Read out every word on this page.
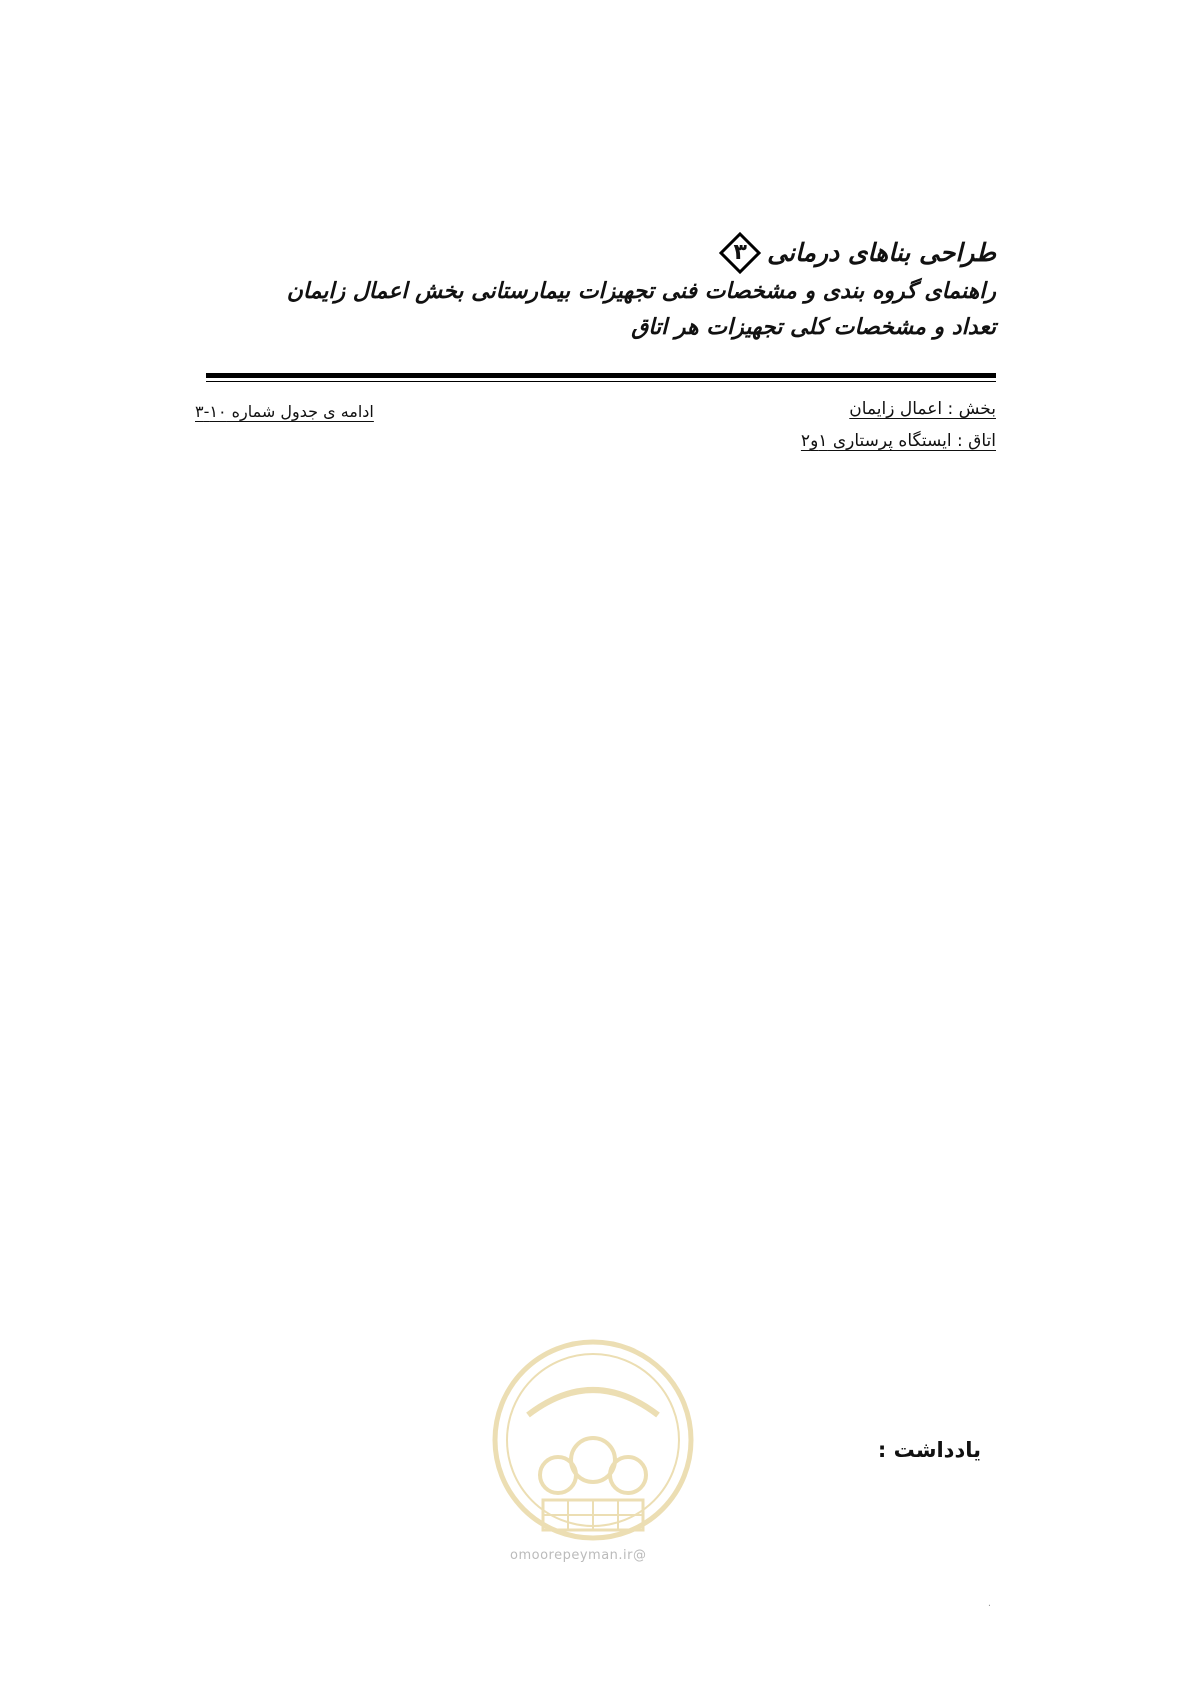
طراحی بناهای درمانی
۳
راهنمای گروه بندی و مشخصات فنی تجهیزات بیمارستانی بخش اعمال زایمان
تعداد و مشخصات کلی تجهیزات هر اتاق
بخش : اعمال زایمان
اتاق : ایستگاه پرستاری ۱و۲
ادامه ی جدول شماره ۱۰-۳
یادداشت :
@omoorepeyman.ir
·
